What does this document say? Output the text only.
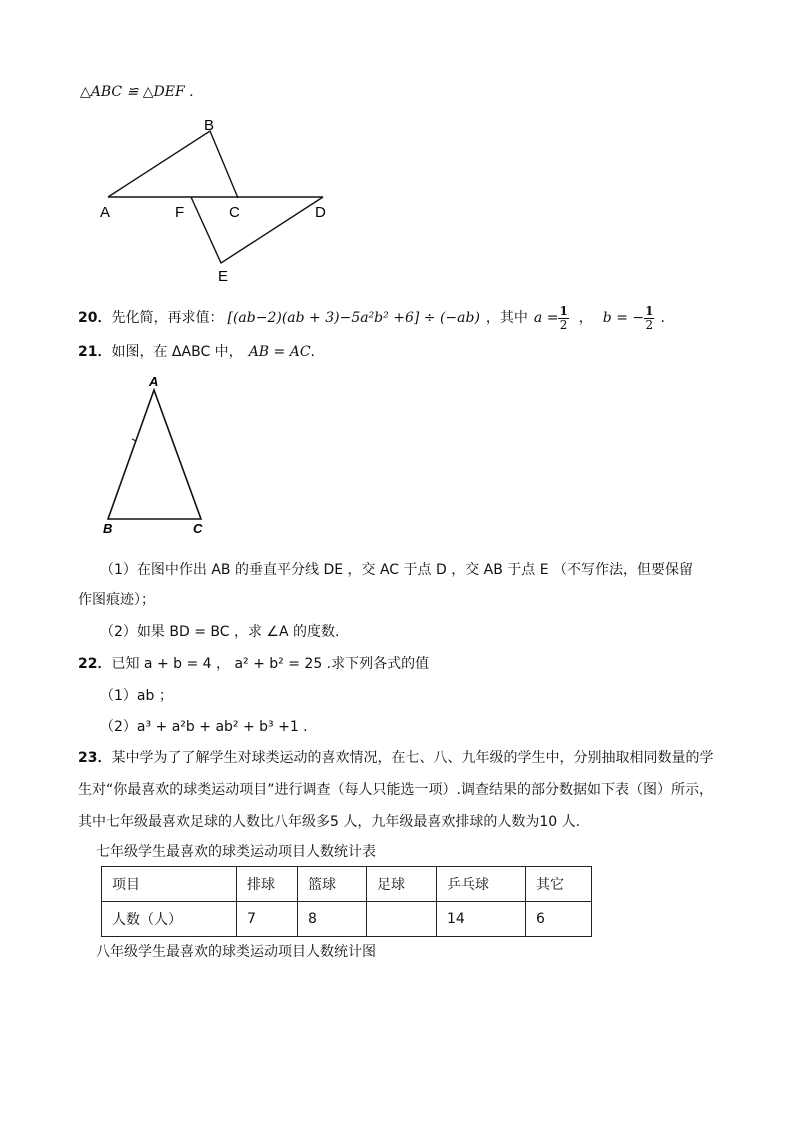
△ABC ≌ △DEF .
B
A	F	C	D
E
20． 先化简，再求值： [(ab−2)(ab + 3)−5a²b² +6] ÷ (−ab) ，其中 $a = \frac{1}{2}$ ， b = − $\frac{1}{2}$ .
21．如图，在 ΔABC 中， AB = AC.
A
B	C
（1）在图中作出 AB 的垂直平分线 DE ，交 AC 于点 D ，交 AB 于点 E （不写作法，但要保留
作图痕迹）；
（2）如果 BD = BC ，求 ∠A 的度数.
22．已知 a + b = 4 ， a² + b² = 25 .求下列各式的值
（1）ab ；
（2）a³ + a²b + ab² + b³ +1 .
23．某中学为了了解学生对球类运动的喜欢情况，在七、八、九年级的学生中，分别抽取相同数量的学
生对“你最喜欢的球类运动项目”进行调查（每人只能选一项）.调查结果的部分数据如下表（图）所示，
其中七年级最喜欢足球的人数比八年级多5 人，九年级最喜欢排球的人数为10 人.
七年级学生最喜欢的球类运动项目人数统计表
项目	排球	篮球	足球	乒乓球	其它
人数（人）	7	8		14	6
八年级学生最喜欢的球类运动项目人数统计图
